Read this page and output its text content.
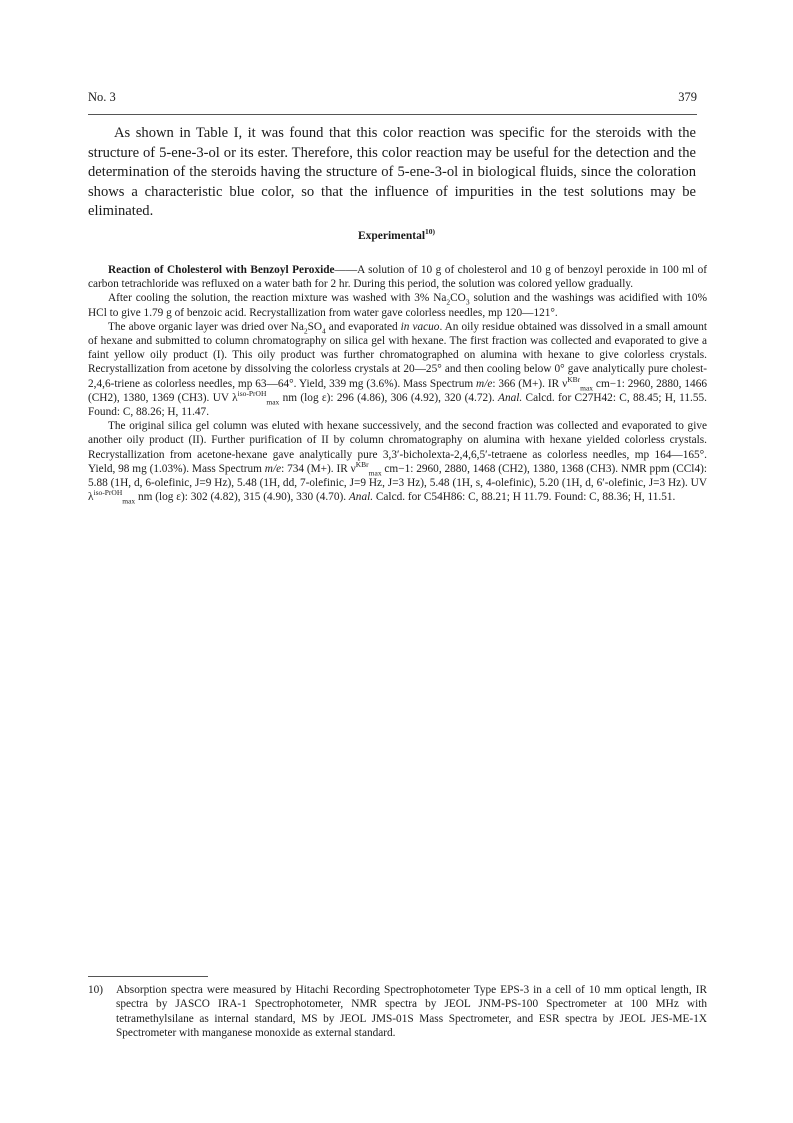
No. 3	379

As shown in Table I, it was found that this color reaction was specific for the steroids with the structure of 5-ene-3-ol or its ester. Therefore, this color reaction may be useful for the detection and the determination of the steroids having the structure of 5-ene-3-ol in biological fluids, since the coloration shows a characteristic blue color, so that the influence of impurities in the test solutions may be eliminated.

Experimental$^{10)}$

Reaction of Cholesterol with Benzoyl Peroxide——A solution of 10 g of cholesterol and 10 g of benzoyl peroxide in 100 ml of carbon tetrachloride was refluxed on a water bath for 2 hr. During this period, the solution was colored yellow gradually.

After cooling the solution, the reaction mixture was washed with 3% $Na_2CO_3$ solution and the washings was acidified with 10% HCl to give 1.79 g of benzoic acid. Recrystallization from water gave colorless needles, mp 120—121°.

The above organic layer was dried over $Na_2SO_4$ and evaporated in vacuo. An oily residue obtained was dissolved in a small amount of hexane and submitted to column chromatography on silica gel with hexane. The first fraction was collected and evaporated to give a faint yellow oily product (I). This oily product was further chromatographed on alumina with hexane to give colorless crystals. Recrystallization from acetone by dissolving the colorless crystals at 20—25° and then cooling below 0° gave analytically pure cholest-2,4,6-triene as colorless needles, mp 63—64°. Yield, 339 mg (3.6%). Mass Spectrum m/e: 366 (M+). IR $\nu^{KBr}_{max}$ cm−1: 2960, 2880, 1466 (CH2), 1380, 1369 (CH3). UV $\lambda^{iso-PrOH}_{max}$ nm (log ε): 296 (4.86), 306 (4.92), 320 (4.72). Anal. Calcd. for C27H42: C, 88.45; H, 11.55. Found: C, 88.26; H, 11.47.

The original silica gel column was eluted with hexane successively, and the second fraction was collected and evaporated to give another oily product (II). Further purification of II by column chromatography on alumina with hexane yielded colorless crystals. Recrystallization from acetone-hexane gave analytically pure 3,3′-bicholexta-2,4,6,5′-tetraene as colorless needles, mp 164—165°. Yield, 98 mg (1.03%). Mass Spectrum m/e: 734 (M+). IR $\nu^{KBr}_{max}$ cm−1: 2960, 2880, 1468 (CH2), 1380, 1368 (CH3). NMR ppm (CCl4): 5.88 (1H, d, 6-olefinic, J=9 Hz), 5.48 (1H, dd, 7-olefinic, J=9 Hz, J=3 Hz), 5.48 (1H, s, 4-olefinic), 5.20 (1H, d, 6′-olefinic, J=3 Hz). UV $\lambda^{iso-PrOH}_{max}$ nm (log ε): 302 (4.82), 315 (4.90), 330 (4.70). Anal. Calcd. for C54H86: C, 88.21; H 11.79. Found: C, 88.36; H, 11.51.

10)	Absorption spectra were measured by Hitachi Recording Spectrophotometer Type EPS-3 in a cell of 10 mm optical length, IR spectra by JASCO IRA-1 Spectrophotometer, NMR spectra by JEOL JNM-PS-100 Spectrometer at 100 MHz with tetramethylsilane as internal standard, MS by JEOL JMS-01S Mass Spectrometer, and ESR spectra by JEOL JES-ME-1X Spectrometer with manganese monoxide as external standard.
